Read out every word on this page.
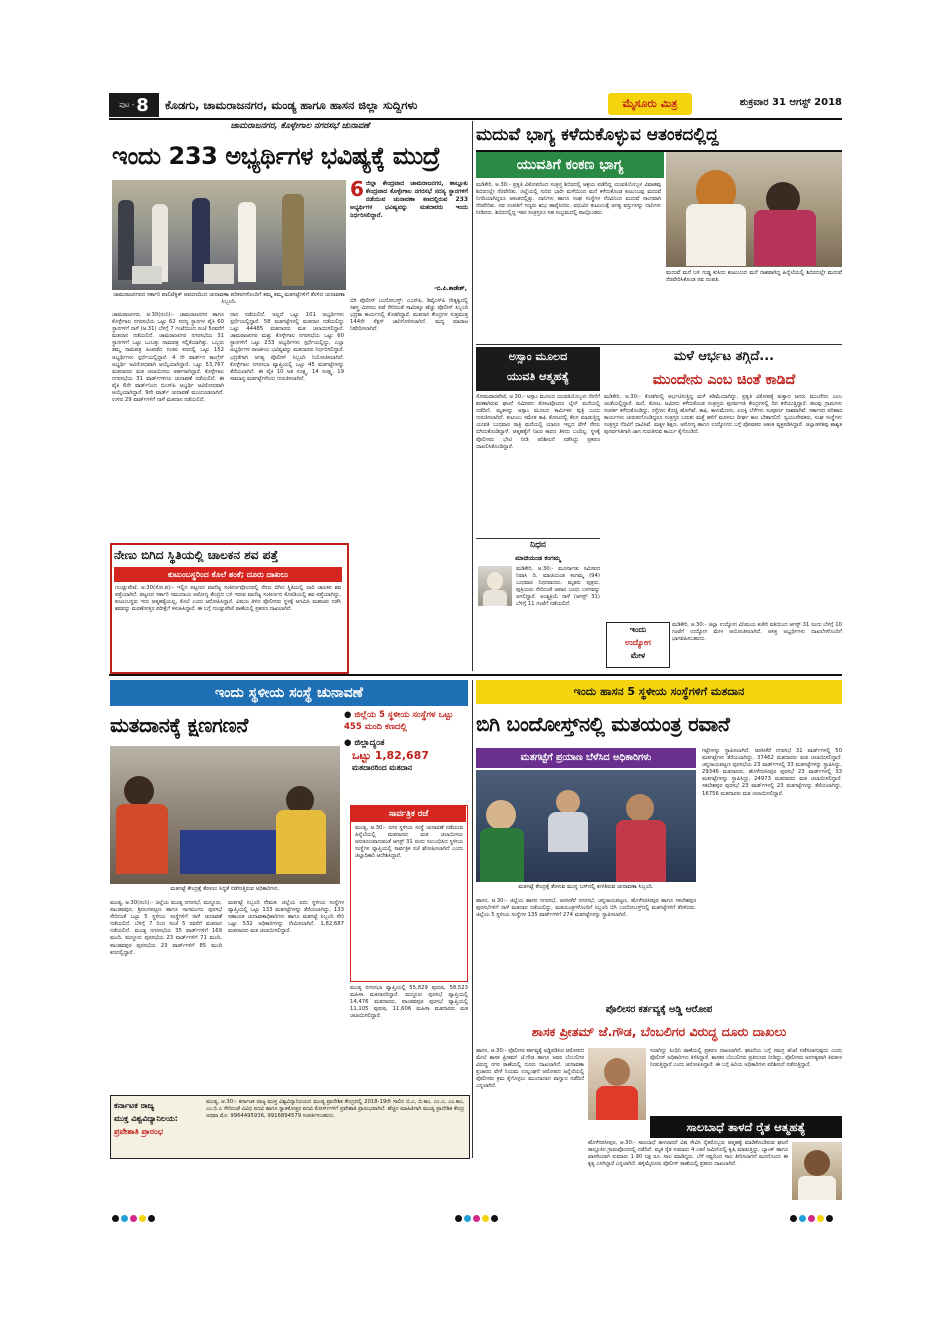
ಪುಟ - 8 ಕೊಡಗು, ಚಾಮರಾಜನಗರ, ಮಂಡ್ಯ ಹಾಗೂ ಹಾಸನ ಜಿಲ್ಲಾ ಸುದ್ದಿಗಳು	ಮೈಸೂರು ಮಿತ್ರ	ಶುಕ್ರವಾರ 31 ಆಗಸ್ಟ್ 2018
ಚಾಮರಾಜನಗರ, ಕೊಳ್ಳೇಗಾಲ ನಗರಸಭೆ ಚುನಾವಣೆ
ಇಂದು 233 ಅಭ್ಯರ್ಥಿಗಳ ಭವಿಷ್ಯಕ್ಕೆ ಮುದ್ರೆ
ಚಾಮರಾಜನಗರದ ಸರ್ಕಾರಿ ಪಾಲಿಟೆಕ್ನಿಕ್ ಆವರಣದಿಂದ ಚುನಾವಣಾ ಪರಿಕರಗಳೊಂದಿಗೆ ತಮ್ಮ ತಮ್ಮ ಮತಗಟ್ಟೆಗಳಿಗೆ ತೆರಳಿದ ಚುನಾವಣಾ ಸಿಬ್ಬಂದಿ.
6 ಜಿಲ್ಲಾ ಕೇಂದ್ರವಾದ ಚಾಮರಾಜನಗರ, ತಾಲ್ಲೂಕು ಕೇಂದ್ರವಾದ ಕೊಳ್ಳೇಗಾಲ ನಗರಸಭೆ ಸದಸ್ಯ ಸ್ಥಾನಗಳಿಗೆ ನಡೆಯುವ ಚುನಾವಣಾ ಕಣದಲ್ಲಿರುವ 233 ಅಭ್ಯರ್ಥಿಗಳ ಭವಿಷ್ಯವನ್ನು ಮತದಾರರು ಇಂದು ನಿರ್ಧರಿಸಲಿದ್ದಾರೆ.
-ಬಿ.ಪಿ.ಕಾಡೇಶ್,
ಚಾಮರಾಜನಗರ, ಆ.30(ನಂನಿ):- ಚಾಮರಾಜನಗರ ಹಾಗೂ ಕೊಳ್ಳೇಗಾಲ ನಗರಸಭೆಯ ಒಟ್ಟು 62 ಸದಸ್ಯ ಸ್ಥಾನಗಳ ಪೈಕಿ 60 ಸ್ಥಾನಗಳಿಗೆ ನಾಳೆ (ಆ.31) ಬೆಳಿಗ್ಗೆ 7 ಗಂಟೆಯಿಂದ ಸಂಜೆ 5ರವರೆಗೆ ಮತದಾನ ನಡೆಯಲಿದೆ. ಚಾಮರಾಜನಗರ ನಗರಸಭೆಯ 31 ಸ್ಥಾನಗಳಿಗೆ ಒಟ್ಟು ಒಂಬತ್ತು ನಾಮಪತ್ರ ಸಲ್ಲಿಕೆಯಾಗಿತ್ತು. ಒಬ್ಬರು ತಮ್ಮ ನಾಮಪತ್ರ ಹಿಂಪಡೆದ ನಂತರ ಕಣದಲ್ಲಿ ಒಟ್ಟು 152 ಅಭ್ಯರ್ಥಿಗಳು ಸ್ಪರ್ಧೆಯಲ್ಲಿದ್ದಾರೆ. 4 ನೇ ವಾರ್ಡ್‌ನ ಕಾಂಗ್ರೆಸ್ ಅಭ್ಯರ್ಥಿ ಅವಿರೋಧವಾಗಿ ಆಯ್ಕೆಯಾಗಿದ್ದಾರೆ. ಒಟ್ಟು 53,767 ಮತದಾರರು ಮತ ಚಲಾಯಿಸಲು ಅರ್ಹರಾಗಿದ್ದಾರೆ. ಕೊಳ್ಳೇಗಾಲ ನಗರಸಭೆಯ 31 ವಾರ್ಡ್‌ಗಳಿಗೂ ಚುನಾವಣೆ ನಡೆಯಲಿದೆ. ಈ ಪೈಕಿ 6ನೇ ವಾರ್ಡ್‌ನಿಂದ ಬಿಎಸ್‌ಪಿ ಅಭ್ಯರ್ಥಿ ಅವಿರೋಧವಾಗಿ ಆಯ್ಕೆಯಾಗಿದ್ದಾರೆ. 9ನೇ ವಾರ್ಡ್ ಚುನಾವಣೆ ಮುಂದೂಡಲಾಗಿದೆ. ಉಳಿದ 29 ವಾರ್ಡ್‌ಗಳಿಗೆ ನಾಳೆ ಮತದಾನ ನಡೆಯಲಿದೆ.
ದಾನ ನಡೆಯಲಿದೆ. ಅಲ್ಲದೆ ಒಟ್ಟು 101 ಅಭ್ಯರ್ಥಿಗಳು ಸ್ಪರ್ಧೆಯಲ್ಲಿದ್ದಾರೆ. 58 ಮತಗಟ್ಟೆಗಳಲ್ಲಿ ಮತದಾನ ನಡೆಯಲಿದ್ದು ಒಟ್ಟು 44485 ಮತದಾರರು ಮತ ಚಲಾಯಿಸಲಿದ್ದಾರೆ. ಚಾಮರಾಜನಗರ ಮತ್ತು ಕೊಳ್ಳೇಗಾಲ ನಗರಸಭೆಯ ಒಟ್ಟು 60 ಸ್ಥಾನಗಳಿಗೆ ಒಟ್ಟು 233 ಅಭ್ಯರ್ಥಿಗಳು ಸ್ಪರ್ಧೆಯಲ್ಲಿದ್ದು, ಎಲ್ಲಾ ಅಭ್ಯರ್ಥಿಗಳ ರಾಜಕೀಯ ಭವಿಷ್ಯವನ್ನು ಮತದಾರರು ನಿರ್ಧರಿಸಲಿದ್ದಾರೆ. ಭದ್ರತೆಗಾಗಿ ಅಗತ್ಯ ಪೊಲೀಸ್ ಸಿಬ್ಬಂದಿ ನಿಯೋಜಿಸಲಾಗಿದೆ. ಕೊಳ್ಳೇಗಾಲ ನಗರಸಭಾ ವ್ಯಾಪ್ತಿಯಲ್ಲಿ ಒಟ್ಟು 45 ಮತಗಟ್ಟೆಗಳನ್ನು ತೆರೆಯಲಾಗಿದೆ. ಈ ಪೈಕಿ 10 ಅತಿ ಸೂಕ್ಷ್ಮ, 14 ಸೂಕ್ಷ್ಮ, 19 ಸಾಮಾನ್ಯ ಮತಗಟ್ಟೆಗಳೆಂದು ಗುರುತಿಸಲಾಗಿದೆ.
ಬಿಗಿ ಪೊಲೀಸ್ ಬಂದೋಬಸ್ತ್: ಎಎಸ್‌ಪಿ, ಡಿವೈಎಸ್‌ಪಿ ನೇತೃತ್ವದಲ್ಲಿ ಸಶಸ್ತ್ರ ಮೀಸಲು ಪಡೆ ಸೇರಿದಂತೆ ಸಾವಿರಕ್ಕೂ ಹೆಚ್ಚು ಪೊಲೀಸ್ ಸಿಬ್ಬಂದಿ ಭದ್ರತಾ ಕಾರ್ಯದಲ್ಲಿ ತೊಡಗಿದ್ದಾರೆ. ಮತದಾನ ಕೇಂದ್ರಗಳ ಸುತ್ತಮುತ್ತ 144ನೇ ಸೆಕ್ಷನ್ ಜಾರಿಗೊಳಿಸಲಾಗಿದೆ. ಮದ್ಯ ಮಾರಾಟ ನಿಷೇಧಿಸಲಾಗಿದೆ.
ನೇಣು ಬಿಗಿದ ಸ್ಥಿತಿಯಲ್ಲಿ ಚಾಲಕನ ಶವ ಪತ್ತೆ
ಕುಟುಂಬಸ್ಥರಿಂದ ಕೊಲೆ ಶಂಕೆ; ದೂರು ದಾಖಲು
ಗುಂಡ್ಲುಪೇಟೆ, ಆ.30(ಸೋ.ಪ):- ಇಲ್ಲಿನ ಪಟ್ಟಣದ ವಾಣಿಜ್ಯ ಸಂಕೀರ್ಣವೊಂದರಲ್ಲಿ ನೇಣು ಬಿಗಿದ ಸ್ಥಿತಿಯಲ್ಲಿ ಲಾರಿ ಚಾಲಕನ ಶವ ಪತ್ತೆಯಾಗಿದೆ. ಪಟ್ಟಣದ ಸರ್ಕಾರಿ ಸಮುದಾಯ ಆರೋಗ್ಯ ಕೇಂದ್ರದ ಬಳಿ ಇರುವ ವಾಣಿಜ್ಯ ಸಂಕೀರ್ಣದ ಕೊಠಡಿಯಲ್ಲಿ ಶವ ಪತ್ತೆಯಾಗಿದ್ದು, ಕುಟುಂಬಸ್ಥರು ಇದು ಆತ್ಮಹತ್ಯೆಯಲ್ಲ, ಕೊಲೆ ಎಂದು ಆರೋಪಿಸಿದ್ದಾರೆ. ವಿಷಯ ತಿಳಿದ ಪೊಲೀಸರು ಸ್ಥಳಕ್ಕೆ ಆಗಮಿಸಿ ಮಹಜರು ನಡೆಸಿ ಶವವನ್ನು ಮರಣೋತ್ತರ ಪರೀಕ್ಷೆಗೆ ಕಳುಹಿಸಿದ್ದಾರೆ. ಈ ಬಗ್ಗೆ ಗುಂಡ್ಲುಪೇಟೆ ಠಾಣೆಯಲ್ಲಿ ಪ್ರಕರಣ ದಾಖಲಾಗಿದೆ.
ಮದುವೆ ಭಾಗ್ಯ ಕಳೆದುಕೊಳ್ಳುವ ಆತಂಕದಲ್ಲಿದ್ದ
ಯುವತಿಗೆ ಕಂಕಣ ಭಾಗ್ಯ
ಮಡಿಕೇರಿ, ಆ.30:- ಪ್ರಕೃತಿ ವಿಕೋಪದಿಂದ ಸಂತ್ರಸ್ತ ಶಿಬಿರದಲ್ಲಿ ಆಶ್ರಯ ಪಡೆದಿದ್ದ ಯುವತಿಯೊಬ್ಬಳ ವಿವಾಹವು ಶಿಬಿರದಲ್ಲೇ ನೆರವೇರಿತು. ಜಿಲ್ಲೆಯಲ್ಲಿ ಸುರಿದ ಭಾರೀ ಮಳೆಯಿಂದ ಮನೆ ಕಳೆದುಕೊಂಡ ಕುಟುಂಬವು ಮದುವೆ ನಿಗದಿಯಾಗಿದ್ದರೂ ಆತಂಕದಲ್ಲಿತ್ತು. ದಾನಿಗಳು ಹಾಗೂ ಸಂಘ ಸಂಸ್ಥೆಗಳ ನೆರವಿನಿಂದ ಮದುವೆ ಸಾಂಗವಾಗಿ ನೆರವೇರಿತು. ನವ ದಂಪತಿಗೆ ಗಣ್ಯರು ಶುಭ ಹಾರೈಸಿದರು. ವಧುವಿನ ಕುಟುಂಬಕ್ಕೆ ಅಗತ್ಯ ವಸ್ತುಗಳನ್ನು ದಾನಿಗಳು ನೀಡಿದರು. ಶಿಬಿರದಲ್ಲಿದ್ದ ಇತರ ಸಂತ್ರಸ್ತರೂ ಸಹ ಸಂಭ್ರಮದಲ್ಲಿ ಪಾಲ್ಗೊಂಡರು.
ಮದುವೆ ಮನೆ ಬಳಿ ಗುಡ್ಡ ಕುಸಿದು ಕುಟುಂಬದ ಮನೆ ನಾಶವಾಗಿದ್ದ ಹಿನ್ನೆಲೆಯಲ್ಲಿ ಶಿಬಿರದಲ್ಲೇ ಮದುವೆ ನೆರವೇರಿಸಿಕೊಂಡ ನವ ದಂಪತಿ.
ಅಸ್ಸಾಂ ಮೂಲದ
ಯುವತಿ ಆತ್ಮಹತ್ಯೆ
ಸೋಮವಾರಪೇಟೆ, ಆ.30:- ಅಸ್ಸಾಂ ಮೂಲದ ಯುವತಿಯೊಬ್ಬಳು ನೇಣಿಗೆ ಶರಣಾಗಿರುವ ಘಟನೆ ಸಮೀಪದ ತೋಟವೊಂದರ ಲೈನ್ ಮನೆಯಲ್ಲಿ ನಡೆದಿದೆ. ಮೃತಳನ್ನು ಅಸ್ಸಾಂ ಮೂಲದ ಕಾರ್ಮಿಕನ ಪುತ್ರಿ ಎಂದು ಗುರುತಿಸಲಾಗಿದೆ. ಕುಟುಂಬ ಸಮೇತ ಕಾಫಿ ತೋಟದಲ್ಲಿ ಕೆಲಸ ಮಾಡುತ್ತಿದ್ದ ಯುವತಿ ಬುಧವಾರ ರಾತ್ರಿ ಮನೆಯಲ್ಲಿ ಯಾರೂ ಇಲ್ಲದ ವೇಳೆ ನೇಣು ಬಿಗಿದುಕೊಂಡಿದ್ದಾಳೆ. ಆತ್ಮಹತ್ಯೆಗೆ ನಿಖರ ಕಾರಣ ತಿಳಿದು ಬಂದಿಲ್ಲ. ಸ್ಥಳಕ್ಕೆ ಪೊಲೀಸರು ಭೇಟಿ ನೀಡಿ ಪರಿಶೀಲನೆ ನಡೆಸಿದ್ದು ಪ್ರಕರಣ ದಾಖಲಿಸಿಕೊಂಡಿದ್ದಾರೆ.
ನಿಧನ
ಮಾಚಿಯಂಡ ಕಂಗಮ್ಮ
ಮಡಿಕೇರಿ, ಆ.30:- ಮೂರ್ನಾಡು ಸಮೀಪದ ನಿವಾಸಿ ದಿ. ಮಾಚಿಯಂಡ ಕಂಗಮ್ಮ (94) ಬುಧವಾರ ನಿಧನರಾದರು. ಮೃತರು ಪುತ್ರರು, ಪುತ್ರಿಯರು ಸೇರಿದಂತೆ ಅಪಾರ ಬಂಧು ಬಳಗವನ್ನು ಅಗಲಿದ್ದಾರೆ. ಅಂತ್ಯಕ್ರಿಯೆ ನಾಳೆ (ಆಗಸ್ಟ್ 31) ಬೆಳಿಗ್ಗೆ 11 ಗಂಟೆಗೆ ನಡೆಯಲಿದೆ.
ಮಳೆ ಆರ್ಭಟ ತಗ್ಗಿದೆ...
ಮುಂದೇನು ಎಂಬ ಚಿಂತೆ ಕಾಡಿದೆ
ಮಡಿಕೇರಿ, ಆ.30:- ಕೊಡಗಿನಲ್ಲಿ ಆರ್ಭಟಿಸುತ್ತಿದ್ದ ಮಳೆ ಕಡಿಮೆಯಾಗಿದ್ದು, ಪ್ರಕೃತಿ ವಿಕೋಪಕ್ಕೆ ತುತ್ತಾದ ಜನರು ಮುಂದೇನು ಎಂಬ ಚಿಂತೆಯಲ್ಲಿದ್ದಾರೆ. ಮನೆ, ತೋಟ, ಜಮೀನು ಕಳೆದುಕೊಂಡ ಸಂತ್ರಸ್ತರು ಪುನರ್ವಸತಿ ಕೇಂದ್ರಗಳಲ್ಲಿ ದಿನ ಕಳೆಯುತ್ತಿದ್ದಾರೆ. ಹಲವು ಗ್ರಾಮಗಳು ಸಂಪರ್ಕ ಕಳೆದುಕೊಂಡಿದ್ದು, ರಸ್ತೆಗಳು ಕೊಚ್ಚಿ ಹೋಗಿವೆ. ಕಾಫಿ, ಕಾಳುಮೆಣಸು, ಏಲಕ್ಕಿ ಬೆಳೆಗಳು ಸಂಪೂರ್ಣ ನಾಶವಾಗಿವೆ. ಸರ್ಕಾರದ ಪರಿಹಾರ ಕಾರ್ಯಗಳು ಚುರುಕುಗೊಂಡಿದ್ದರೂ ಸಂತ್ರಸ್ತರ ಬದುಕು ಮತ್ತೆ ಹಳಿಗೆ ಮರಳಲು ದೀರ್ಘ ಕಾಲ ಬೇಕಾಗಲಿದೆ. ಸ್ವಯಂಸೇವಕರು, ಸಂಘ ಸಂಸ್ಥೆಗಳು ಸಂತ್ರಸ್ತರ ನೆರವಿಗೆ ಧಾವಿಸಿವೆ. ಮಕ್ಕಳ ಶಿಕ್ಷಣ, ಆರೋಗ್ಯ ಹಾಗೂ ಉದ್ಯೋಗದ ಬಗ್ಗೆ ಪೋಷಕರು ಆತಂಕ ವ್ಯಕ್ತಪಡಿಸಿದ್ದಾರೆ. ಜಿಲ್ಲಾಡಳಿತವು ಶಾಶ್ವತ ಪುನರ್ವಸತಿಗಾಗಿ ಜಾಗ ಗುರುತಿಸುವ ಕಾರ್ಯ ಕೈಗೊಂಡಿದೆ.
ಇಂದು
ಉದ್ಯೋಗ
ಮೇಳ
ಮಡಿಕೇರಿ, ಆ.30:- ಜಿಲ್ಲಾ ಉದ್ಯೋಗ ವಿನಿಮಯ ಕಚೇರಿ ವತಿಯಿಂದ ಆಗಸ್ಟ್ 31 ರಂದು ಬೆಳಿಗ್ಗೆ 10 ಗಂಟೆಗೆ ಉದ್ಯೋಗ ಮೇಳ ಆಯೋಜಿಸಲಾಗಿದೆ. ಆಸಕ್ತ ಅಭ್ಯರ್ಥಿಗಳು ದಾಖಲೆಗಳೊಂದಿಗೆ ಭಾಗವಹಿಸಬಹುದು.
ಇಂದು ಸ್ಥಳೀಯ ಸಂಸ್ಥೆ ಚುನಾವಣೆ
ಮತದಾನಕ್ಕೆ ಕ್ಷಣಗಣನೆ
ಮತಗಟ್ಟೆ ಕೇಂದ್ರಕ್ಕೆ ತೆರಳಲು ಸಿದ್ಧತೆ ನಡೆಸುತ್ತಿರುವ ಅಧಿಕಾರಿಗಳು.
● ಜಿಲ್ಲೆಯ 5 ಸ್ಥಳೀಯ ಸಂಸ್ಥೆಗಳ ಒಟ್ಟು 455 ಮಂದಿ ಕಣದಲ್ಲಿ
● ಜಿಲ್ಲಾದ್ಯಂತ
ಒಟ್ಟು 1,82,687
ಮತದಾರರಿಂದ ಮತದಾನ
ಸಾರ್ವತ್ರಿಕ ರಜೆ
ಮಂಡ್ಯ, ಆ.30:- ನಗರ ಸ್ಥಳೀಯ ಸಂಸ್ಥೆ ಚುನಾವಣೆ ನಡೆಯುವ ಹಿನ್ನೆಲೆಯಲ್ಲಿ ಮತದಾರರು ಮತ ಚಲಾಯಿಸಲು ಅನುಕೂಲವಾಗುವಂತೆ ಆಗಸ್ಟ್ 31 ರಂದು ಸಂಬಂಧಿಸಿದ ಸ್ಥಳೀಯ ಸಂಸ್ಥೆಗಳ ವ್ಯಾಪ್ತಿಯಲ್ಲಿ ಸಾರ್ವತ್ರಿಕ ರಜೆ ಘೋಷಿಸಲಾಗಿದೆ ಎಂದು ಜಿಲ್ಲಾಧಿಕಾರಿ ಆದೇಶಿಸಿದ್ದಾರೆ.
ಮಂಡ್ಯ, ಆ.30(ನಂನಿ):- ಜಿಲ್ಲೆಯ ಮಂಡ್ಯ ನಗರಸಭೆ, ಮದ್ದೂರು, ಪಾಂಡವಪುರ, ಶ್ರೀರಂಗಪಟ್ಟಣ ಹಾಗೂ ನಾಗಮಂಗಲ ಪುರಸಭೆ ಸೇರಿದಂತೆ ಒಟ್ಟು 5 ಸ್ಥಳೀಯ ಸಂಸ್ಥೆಗಳಿಗೆ ನಾಳೆ ಚುನಾವಣೆ ನಡೆಯಲಿದೆ. ಬೆಳಿಗ್ಗೆ 7 ರಿಂದ ಸಂಜೆ 5 ರವರೆಗೆ ಮತದಾನ ನಡೆಯಲಿದೆ. ಮಂಡ್ಯ ನಗರಸಭೆಯ 35 ವಾರ್ಡ್‌ಗಳಿಗೆ 169 ಮಂದಿ, ಮದ್ದೂರು ಪುರಸಭೆಯ 23 ವಾರ್ಡ್‌ಗಳಿಗೆ 71 ಮಂದಿ, ಪಾಂಡವಪುರ ಪುರಸಭೆಯ 23 ವಾರ್ಡ್‌ಗಳಿಗೆ 85 ಮಂದಿ ಕಣದಲ್ಲಿದ್ದಾರೆ.
ಮತಗಟ್ಟೆ ಸಿಬ್ಬಂದಿ ನೇಮಕ: ಜಿಲ್ಲೆಯ ಐದು ಸ್ಥಳೀಯ ಸಂಸ್ಥೆಗಳ ವ್ಯಾಪ್ತಿಯಲ್ಲಿ ಒಟ್ಟು 133 ಮತಗಟ್ಟೆಗಳನ್ನು ತೆರೆಯಲಾಗಿದ್ದು, 133 ಸಹಾಯಕ ಚುನಾವಣಾಧಿಕಾರಿಗಳು ಹಾಗೂ ಮತಗಟ್ಟೆ ಸಿಬ್ಬಂದಿ ಸೇರಿ ಒಟ್ಟು 532 ಅಧಿಕಾರಿಗಳನ್ನು ನೇಮಿಸಲಾಗಿದೆ. 1,82,687 ಮತದಾರರು ಮತ ಚಲಾಯಿಸಲಿದ್ದಾರೆ.
ಮಂಡ್ಯ ನಗರಸಭಾ ವ್ಯಾಪ್ತಿಯಲ್ಲಿ 55,829 ಪುರುಷ, 58,523 ಮಹಿಳಾ ಮತದಾರರಿದ್ದಾರೆ. ಮದ್ದೂರು ಪುರಸಭೆ ವ್ಯಾಪ್ತಿಯಲ್ಲಿ 14,476 ಮತದಾರರು, ಪಾಂಡವಪುರ ಪುರಸಭೆ ವ್ಯಾಪ್ತಿಯಲ್ಲಿ 11,105 ಪುರುಷ, 11,606 ಮಹಿಳಾ ಮತದಾರರು ಮತ ಚಲಾಯಿಸಲಿದ್ದಾರೆ.
ಕರ್ನಾಟಕ ರಾಜ್ಯ
ಮುಕ್ತ ವಿಶ್ವವಿದ್ಯಾನಿಲಯ:
ಪ್ರವೇಶಾತಿ ಪ್ರಾರಂಭ
ಮಂಡ್ಯ, ಆ.30:- ಕರ್ನಾಟಕ ರಾಜ್ಯ ಮುಕ್ತ ವಿಶ್ವವಿದ್ಯಾನಿಲಯದ ಮಂಡ್ಯ ಪ್ರಾದೇಶಿಕ ಕೇಂದ್ರದಲ್ಲಿ 2018-19ನೇ ಸಾಲಿನ ಬಿ.ಎ, ಬಿ.ಕಾಂ, ಎಂ.ಎ, ಎಂ.ಕಾಂ, ಎಂ.ಬಿ.ಎ ಸೇರಿದಂತೆ ವಿವಿಧ ಪದವಿ ಹಾಗೂ ಸ್ನಾತಕೋತ್ತರ ಪದವಿ ಕೋರ್ಸ್‌ಗಳಿಗೆ ಪ್ರವೇಶಾತಿ ಪ್ರಾರಂಭವಾಗಿದೆ. ಹೆಚ್ಚಿನ ಮಾಹಿತಿಗಾಗಿ ಮಂಡ್ಯ ಪ್ರಾದೇಶಿಕ ಕೇಂದ್ರ ಅಥವಾ ಮೊ: 9964495936, 9916894579 ಸಂಪರ್ಕಿಸಬಹುದು.
ಇಂದು ಹಾಸನ 5 ಸ್ಥಳೀಯ ಸಂಸ್ಥೆಗಳಿಗೆ ಮತದಾನ
ಬಿಗಿ ಬಂದೋಸ್ತ್‌ನಲ್ಲಿ ಮತಯಂತ್ರ ರವಾನೆ
ಮತಗಟ್ಟೆಗೆ ಪ್ರಯಾಣ ಬೆಳೆಸಿದ ಅಧಿಕಾರಿಗಳು
ಮತಗಟ್ಟೆ ಕೇಂದ್ರಕ್ಕೆ ತೆರಳುವ ಮುನ್ನ ಬಸ್‌ನಲ್ಲಿ ಕುಳಿತಿರುವ ಚುನಾವಣಾ ಸಿಬ್ಬಂದಿ.
ಹಾಸನ, ಆ.30:- ಜಿಲ್ಲೆಯ ಹಾಸನ ನಗರಸಭೆ, ಅರಸೀಕೆರೆ ನಗರಸಭೆ, ಚನ್ನರಾಯಪಟ್ಟಣ, ಹೊಳೆನರಸೀಪುರ ಹಾಗೂ ಸಕಲೇಶಪುರ ಪುರಸಭೆಗಳಿಗೆ ನಾಳೆ ಮತದಾನ ನಡೆಯಲಿದ್ದು, ಮತಯಂತ್ರಗಳೊಂದಿಗೆ ಸಿಬ್ಬಂದಿ ಬಿಗಿ ಬಂದೋಬಸ್ತ್‌ನಲ್ಲಿ ಮತಗಟ್ಟೆಗಳಿಗೆ ತೆರಳಿದರು. ಜಿಲ್ಲೆಯ 5 ಸ್ಥಳೀಯ ಸಂಸ್ಥೆಗಳ 135 ವಾರ್ಡ್‌ಗಳಿಗೆ 274 ಮತಗಟ್ಟೆಗಳನ್ನು ಸ್ಥಾಪಿಸಲಾಗಿದೆ.
ಗಟ್ಟೆಗಳನ್ನು ಸ್ಥಾಪಿಸಲಾಗಿದೆ. ಅರಸೀಕೆರೆ ನಗರಸಭೆ 31 ವಾರ್ಡ್‌ಗಳಲ್ಲಿ 50 ಮತಗಟ್ಟೆಗಳು ತೆರೆಯಲಾಗಿದ್ದು, 37462 ಮತದಾರರು ಮತ ಚಲಾಯಿಸಲಿದ್ದಾರೆ. ಚನ್ನರಾಯಪಟ್ಟಣ ಪುರಸಭೆಯ 23 ವಾರ್ಡ್‌ಗಳಲ್ಲಿ 33 ಮತಗಟ್ಟೆಗಳನ್ನು ಸ್ಥಾಪಿಸಿದ್ದು, 29346 ಮತದಾರರು, ಹೊಳೆನರಸೀಪುರ ಪುರಸಭೆ 23 ವಾರ್ಡ್‌ಗಳಲ್ಲಿ 33 ಮತಗಟ್ಟೆಗಳನ್ನು ಸ್ಥಾಪಿಸಿದ್ದು, 24973 ಮತದಾರರು ಮತ ಚಲಾಯಿಸಲಿದ್ದಾರೆ. ಸಕಲೇಶಪುರ ಪುರಸಭೆ 23 ವಾರ್ಡ್‌ಗಳಲ್ಲಿ 23 ಮತಗಟ್ಟೆಗಳನ್ನು ತೆರೆಯಲಾಗಿದ್ದು, 16756 ಮತದಾರರು ಮತ ಚಲಾಯಿಸಲಿದ್ದಾರೆ.
ಪೊಲೀಸರ ಕರ್ತವ್ಯಕ್ಕೆ ಅಡ್ಡಿ ಆರೋಪ
ಶಾಸಕ ಪ್ರೀತಮ್ ಜೆ.ಗೌಡ, ಬೆಂಬಲಿಗರ ವಿರುದ್ಧ ದೂರು ದಾಖಲು
ಹಾಸನ, ಆ.30:- ಪೊಲೀಸರ ಕರ್ತವ್ಯಕ್ಕೆ ಅಡ್ಡಿಪಡಿಸಿದ ಆರೋಪದ ಮೇಲೆ ಶಾಸಕ ಪ್ರೀತಮ್ ಜೆ.ಗೌಡ ಹಾಗೂ ಅವರ ಬೆಂಬಲಿಗರ ವಿರುದ್ಧ ನಗರ ಠಾಣೆಯಲ್ಲಿ ದೂರು ದಾಖಲಾಗಿದೆ. ಚುನಾವಣಾ ಪ್ರಚಾರದ ವೇಳೆ ನಿಯಮ ಉಲ್ಲಂಘನೆ ಆರೋಪದ ಹಿನ್ನೆಲೆಯಲ್ಲಿ ಪೊಲೀಸರು ಕ್ರಮ ಕೈಗೊಳ್ಳಲು ಮುಂದಾದಾಗ ವಾಗ್ವಾದ ನಡೆದಿದೆ ಎನ್ನಲಾಗಿದೆ.
ಸಲಾಗಿದ್ದು ಸಿಂಧಿನಿ ಠಾಣೆಯಲ್ಲಿ ಪ್ರಕರಣ ದಾಖಲಾಗಿದೆ. ಘಟನೆಯ ಬಗ್ಗೆ ಸಮಗ್ರ ತನಿಖೆ ನಡೆಸಲಾಗುವುದು ಎಂದು ಪೊಲೀಸ್ ಅಧಿಕಾರಿಗಳು ತಿಳಿಸಿದ್ದಾರೆ. ಶಾಸಕರ ಬೆಂಬಲಿಗರು ಪ್ರತಿದೂರು ನೀಡಿದ್ದು, ಪೊಲೀಸರು ಅನಗತ್ಯವಾಗಿ ಕಿರುಕುಳ ನೀಡುತ್ತಿದ್ದಾರೆ ಎಂದು ಆರೋಪಿಸಿದ್ದಾರೆ. ಈ ಬಗ್ಗೆ ಹಿರಿಯ ಅಧಿಕಾರಿಗಳು ಪರಿಶೀಲನೆ ನಡೆಸುತ್ತಿದ್ದಾರೆ.
ಸಾಲಬಾಧೆ ತಾಳದೆ ರೈತ ಆತ್ಮಹತ್ಯೆ
ಹೊಳೆನರಸೀಪುರ, ಆ.30:- ಸಾಲಬಾಧೆ ತಾಳಲಾರದೆ ವಿಷ ಸೇವಿಸಿ ರೈತರೊಬ್ಬರು ಆತ್ಮಹತ್ಯೆ ಮಾಡಿಕೊಂಡಿರುವ ಘಟನೆ ತಾಲ್ಲೂಕಿನ ಗ್ರಾಮವೊಂದರಲ್ಲಿ ನಡೆದಿದೆ. ಮೃತ ರೈತ ಸುಮಾರು 4 ಎಕರೆ ಜಮೀನಿನಲ್ಲಿ ಕೃಷಿ ಮಾಡುತ್ತಿದ್ದು, ಬ್ಯಾಂಕ್ ಹಾಗೂ ಖಾಸಗಿಯಾಗಿ ಸುಮಾರು 1.90 ಲಕ್ಷ ರೂ. ಸಾಲ ಮಾಡಿದ್ದರು. ಬೆಳೆ ನಷ್ಟದಿಂದ ಸಾಲ ತೀರಿಸಲಾಗದೆ ಮನನೊಂದು ಈ ಕೃತ್ಯ ಎಸಗಿದ್ದಾರೆ ಎನ್ನಲಾಗಿದೆ. ಹಳ್ಳಿಮೈಸೂರು ಪೊಲೀಸ್ ಠಾಣೆಯಲ್ಲಿ ಪ್ರಕರಣ ದಾಖಲಾಗಿದೆ.
